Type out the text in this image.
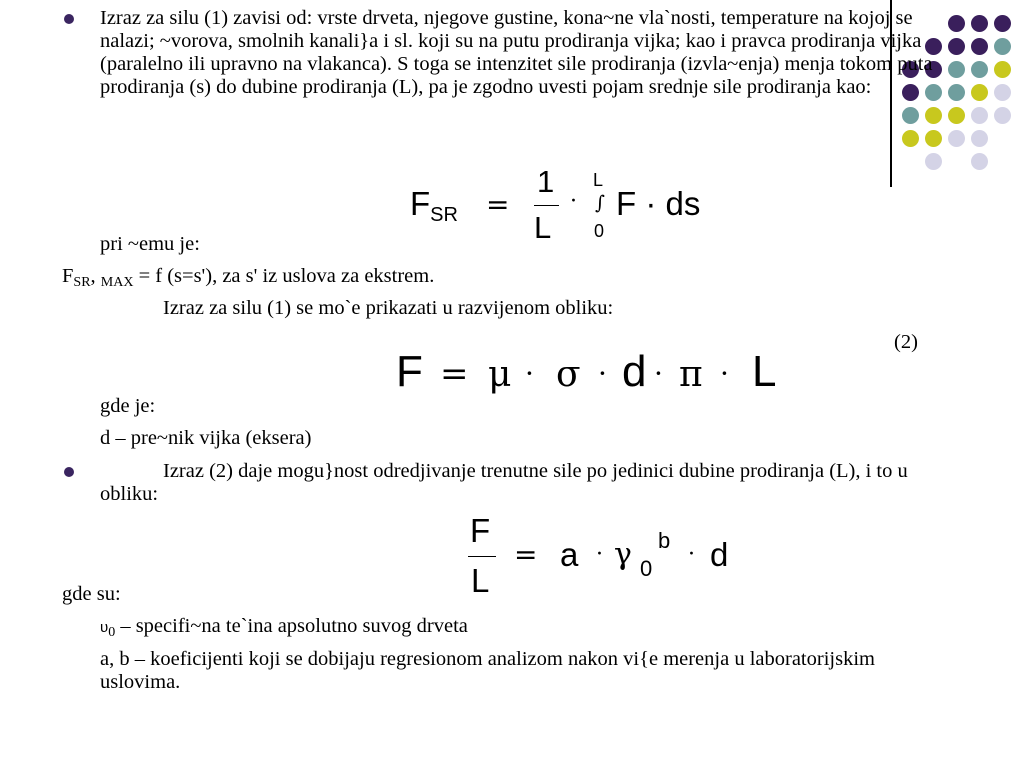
Izraz za silu (1) zavisi od: vrste drveta, njegove gustine, kona~ne vla`nosti, temperature na kojoj se nalazi; ~vorova, smolnih kanali}a i sl. koji su na putu prodiranja vijka; kao i pravca prodiranja vijka (paralelno ili upravno na vlakanca). S toga se intenzitet sile prodiranja (izvla~enja) menja tokom puta prodiranja (s) do dubine prodiranja (L), pa je zgodno uvesti pojam srednje sile prodiranja kao:
$F_{SR}$ =
1
L
·
L
∫
0
F · ds
pri ~emu je:
$F_{SR}$, $_{MAX}$ = f (s=s'), za s' iz uslova za ekstrem.
Izraz za silu (1) se mo`e prikazati u razvijenom obliku:
(2)
F = μ · σ · d · π · L
gde je:
d – pre~nik vijka (eksera)
Izraz (2) daje mogu}nost odredjivanje trenutne sile po jedinici dubine prodiranja (L), i to u obliku:
F
L
= a · γ 0
b
· d
gde su:
$\upsilon_0$ – specifi~na te`ina apsolutno suvog drveta
a, b – koeficijenti koji se dobijaju regresionom analizom nakon vi{e merenja u laboratorijskim uslovima.
